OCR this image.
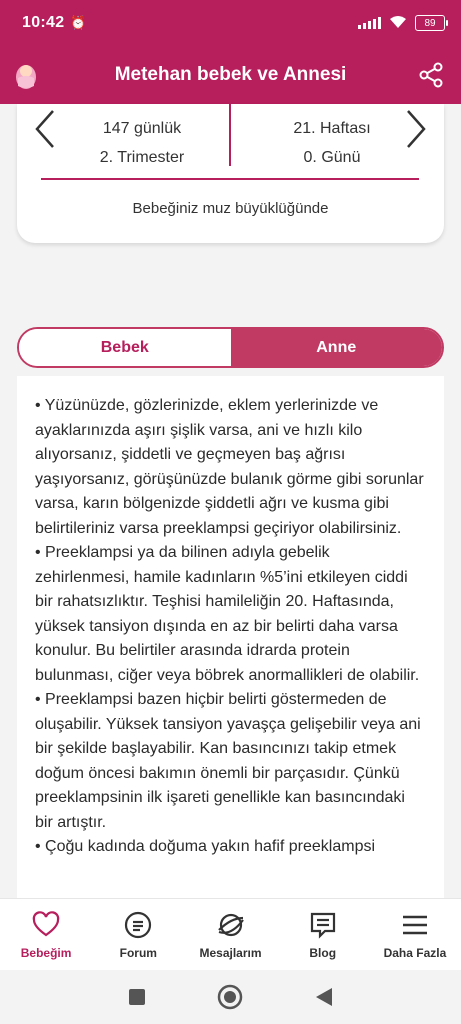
10:42 ⏰	89
Metehan bebek ve Annesi
147 günlük
2. Trimester
21. Haftası
0. Günü
Bebeğiniz muz büyüklüğünde
Bebek	Anne

• Yüzünüzde, gözlerinizde, eklem yerlerinizde ve ayaklarınızda aşırı şişlik varsa, ani ve hızlı kilo alıyorsanız, şiddetli ve geçmeyen baş ağrısı yaşıyorsanız, görüşünüzde bulanık görme gibi sorunlar varsa, karın bölgenizde şiddetli ağrı ve kusma gibi belirtileriniz varsa preeklampsi geçiriyor olabilirsiniz.

• Preeklampsi ya da bilinen adıyla gebelik zehirlenmesi, hamile kadınların %5’ini etkileyen ciddi bir rahatsızlıktır. Teşhisi hamileliğin 20. Haftasında, yüksek tansiyon dışında en az bir belirti daha varsa konulur. Bu belirtiler arasında idrarda protein bulunması, ciğer veya böbrek anormallikleri de olabilir.

• Preeklampsi bazen hiçbir belirti göstermeden de oluşabilir. Yüksek tansiyon yavaşça gelişebilir veya ani bir şekilde başlayabilir. Kan basıncınızı takip etmek doğum öncesi bakımın önemli bir parçasıdır. Çünkü preeklampsinin ilk işareti genellikle kan basıncındaki bir artıştır.

• Çoğu kadında doğuma yakın hafif preeklampsi

Bebeğim	Forum	Mesajlarım	Blog	Daha Fazla
